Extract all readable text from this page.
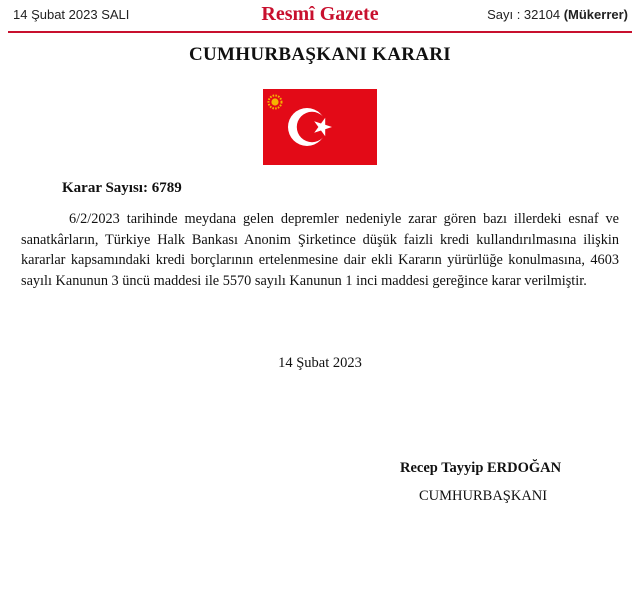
14 Şubat 2023 SALI	Resmî Gazete	Sayı : 32104 (Mükerrer)
CUMHURBAŞKANI KARARI
Karar Sayısı: 6789

6/2/2023 tarihinde meydana gelen depremler nedeniyle zarar gören bazı illerdeki esnaf ve sanatkârların, Türkiye Halk Bankası Anonim Şirketince düşük faizli kredi kullandırılmasına ilişkin kararlar kapsamındaki kredi borçlarının ertelenmesine dair ekli Kararın yürürlüğe konulmasına, 4603 sayılı Kanunun 3 üncü maddesi ile 5570 sayılı Kanunun 1 inci maddesi gereğince karar verilmiştir.

14 Şubat 2023
Recep Tayyip ERDOĞAN
CUMHURBAŞKANI
